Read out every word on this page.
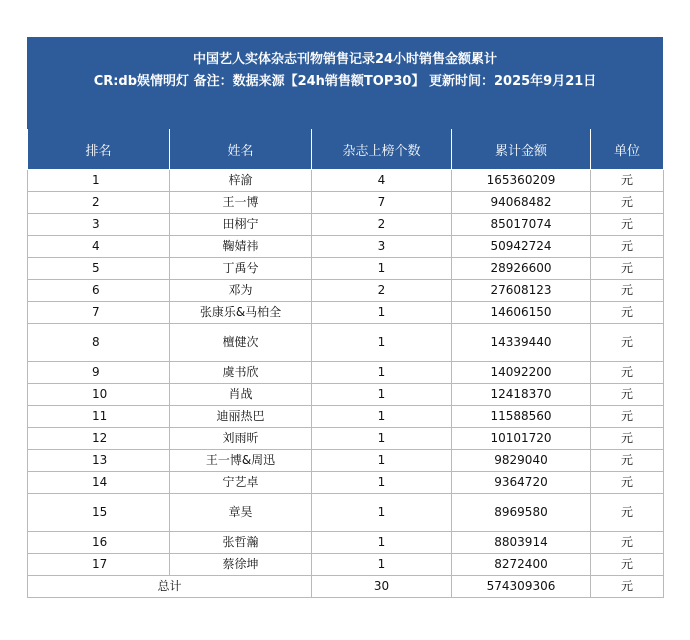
中国艺人实体杂志刊物销售记录24小时销售金额累计
CR:db娱情明灯 备注：数据来源【24h销售额TOP30】 更新时间：2025年9月21日
排名	姓名	杂志上榜个数	累计金额	单位
1	梓渝	4	165360209	元
2	王一博	7	94068482	元
3	田栩宁	2	85017074	元
4	鞠婧祎	3	50942724	元
5	丁禹兮	1	28926600	元
6	邓为	2	27608123	元
7	张康乐&马柏全	1	14606150	元
8	檀健次	1	14339440	元
9	虞书欣	1	14092200	元
10	肖战	1	12418370	元
11	迪丽热巴	1	11588560	元
12	刘雨昕	1	10101720	元
13	王一博&周迅	1	9829040	元
14	宁艺卓	1	9364720	元
15	章昊	1	8969580	元
16	张哲瀚	1	8803914	元
17	蔡徐坤	1	8272400	元
总计		30	574309306	元
